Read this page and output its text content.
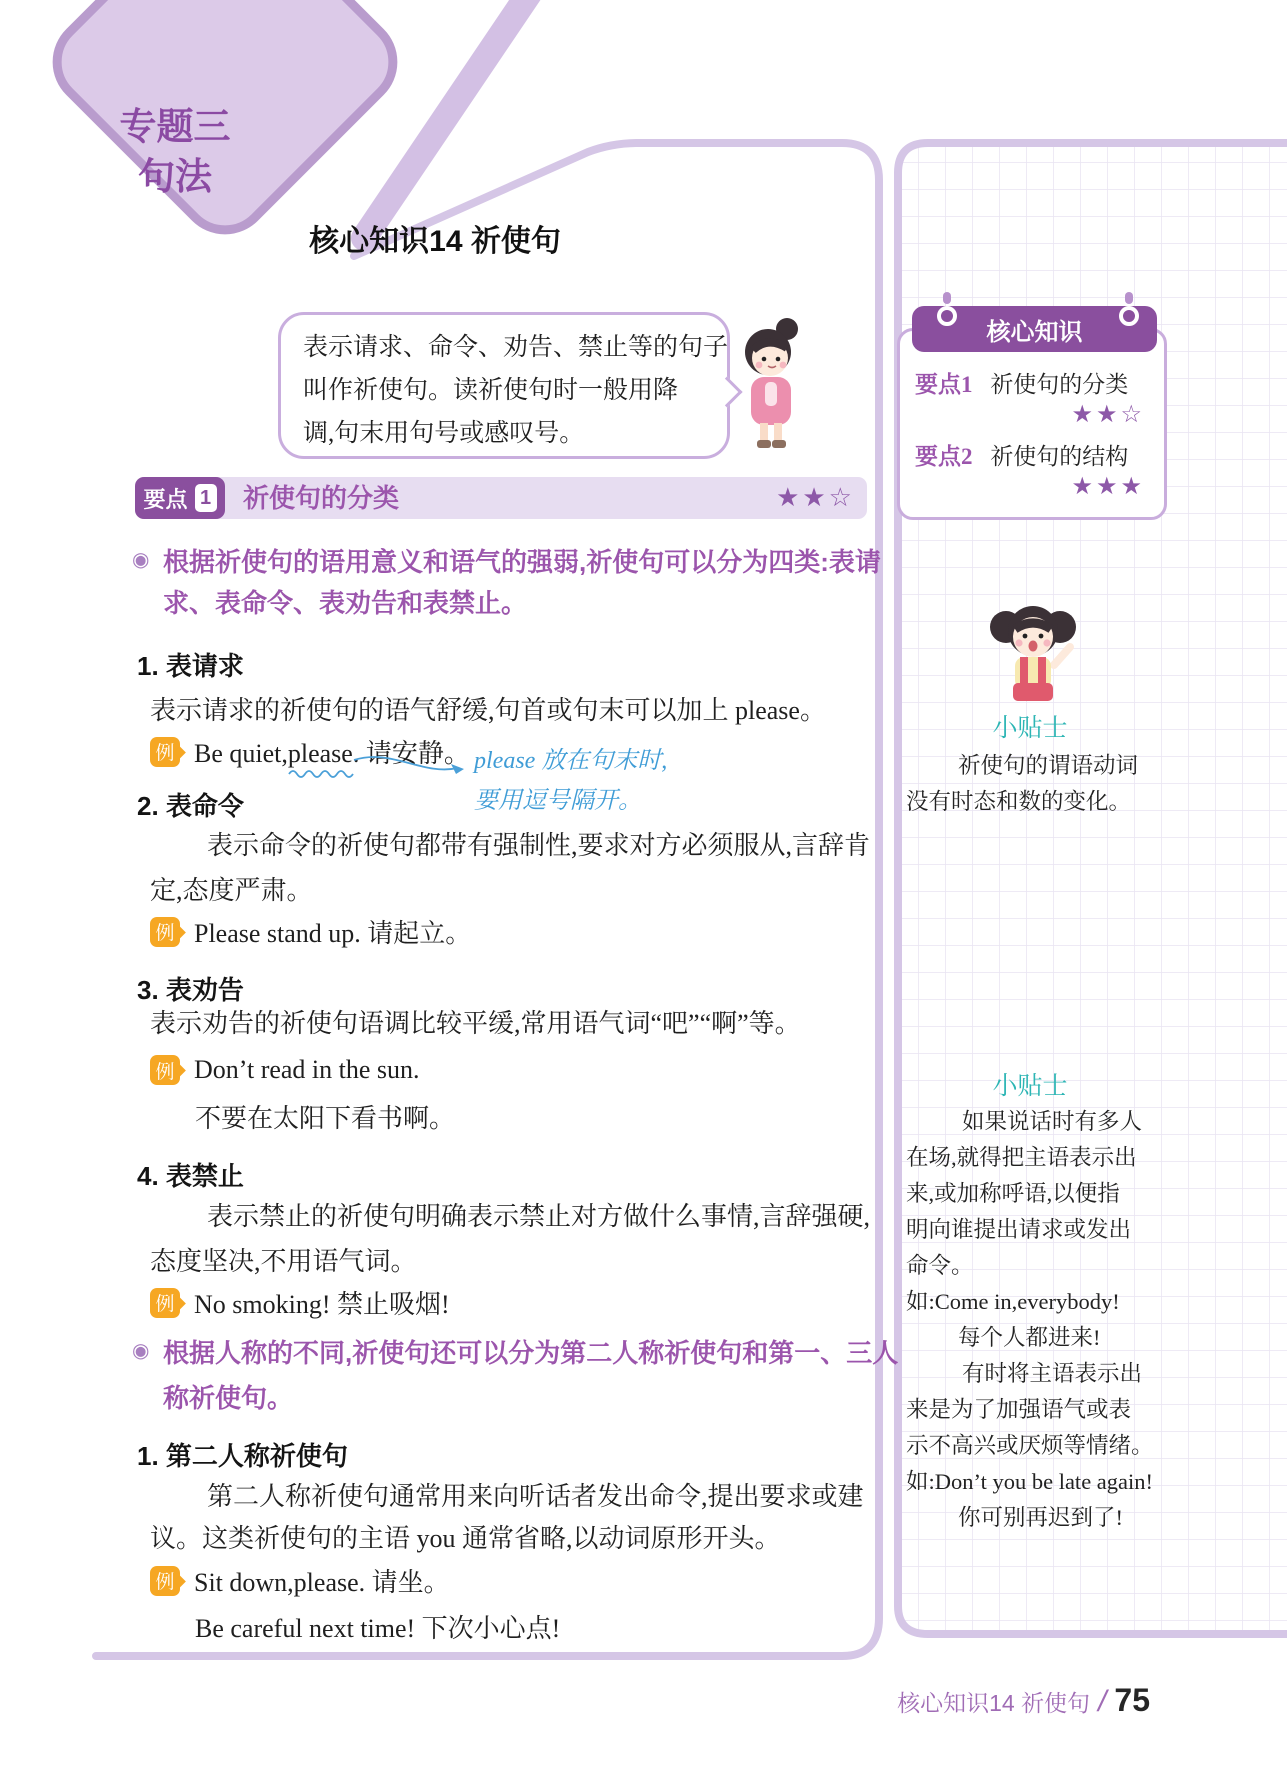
专题三
句法
核心知识14 祈使句
表示请求、命令、劝告、禁止等的句子
叫作祈使句。读祈使句时一般用降
调,句末用句号或感叹号。
要点 1 祈使句的分类	★★☆
◉ 根据祈使句的语用意义和语气的强弱,祈使句可以分为四类:表请
求、表命令、表劝告和表禁止。
1. 表请求
表示请求的祈使句的语气舒缓,句首或句末可以加上 please。
例 Be quiet,please. 请安静。 please 放在句末时,
要用逗号隔开。
2. 表命令
表示命令的祈使句都带有强制性,要求对方必须服从,言辞肯
定,态度严肃。
例 Please stand up. 请起立。
3. 表劝告
表示劝告的祈使句语调比较平缓,常用语气词“吧”“啊”等。
例 Don’t read in the sun.
不要在太阳下看书啊。
4. 表禁止
表示禁止的祈使句明确表示禁止对方做什么事情,言辞强硬,
态度坚决,不用语气词。
例 No smoking! 禁止吸烟!
◉ 根据人称的不同,祈使句还可以分为第二人称祈使句和第一、三人
称祈使句。
1. 第二人称祈使句
第二人称祈使句通常用来向听话者发出命令,提出要求或建
议。这类祈使句的主语 you 通常省略,以动词原形开头。
例 Sit down,please. 请坐。
Be careful next time! 下次小心点!
核心知识
要点1 祈使句的分类
★★☆
要点2 祈使句的结构
★★★
小贴士
祈使句的谓语动词
没有时态和数的变化。
小贴士
如果说话时有多人
在场,就得把主语表示出
来,或加称呼语,以便指
明向谁提出请求或发出
命令。
如:Come in,everybody!
每个人都进来!
有时将主语表示出
来是为了加强语气或表
示不高兴或厌烦等情绪。
如:Don’t you be late again!
你可别再迟到了!
核心知识14 祈使句 / 75
